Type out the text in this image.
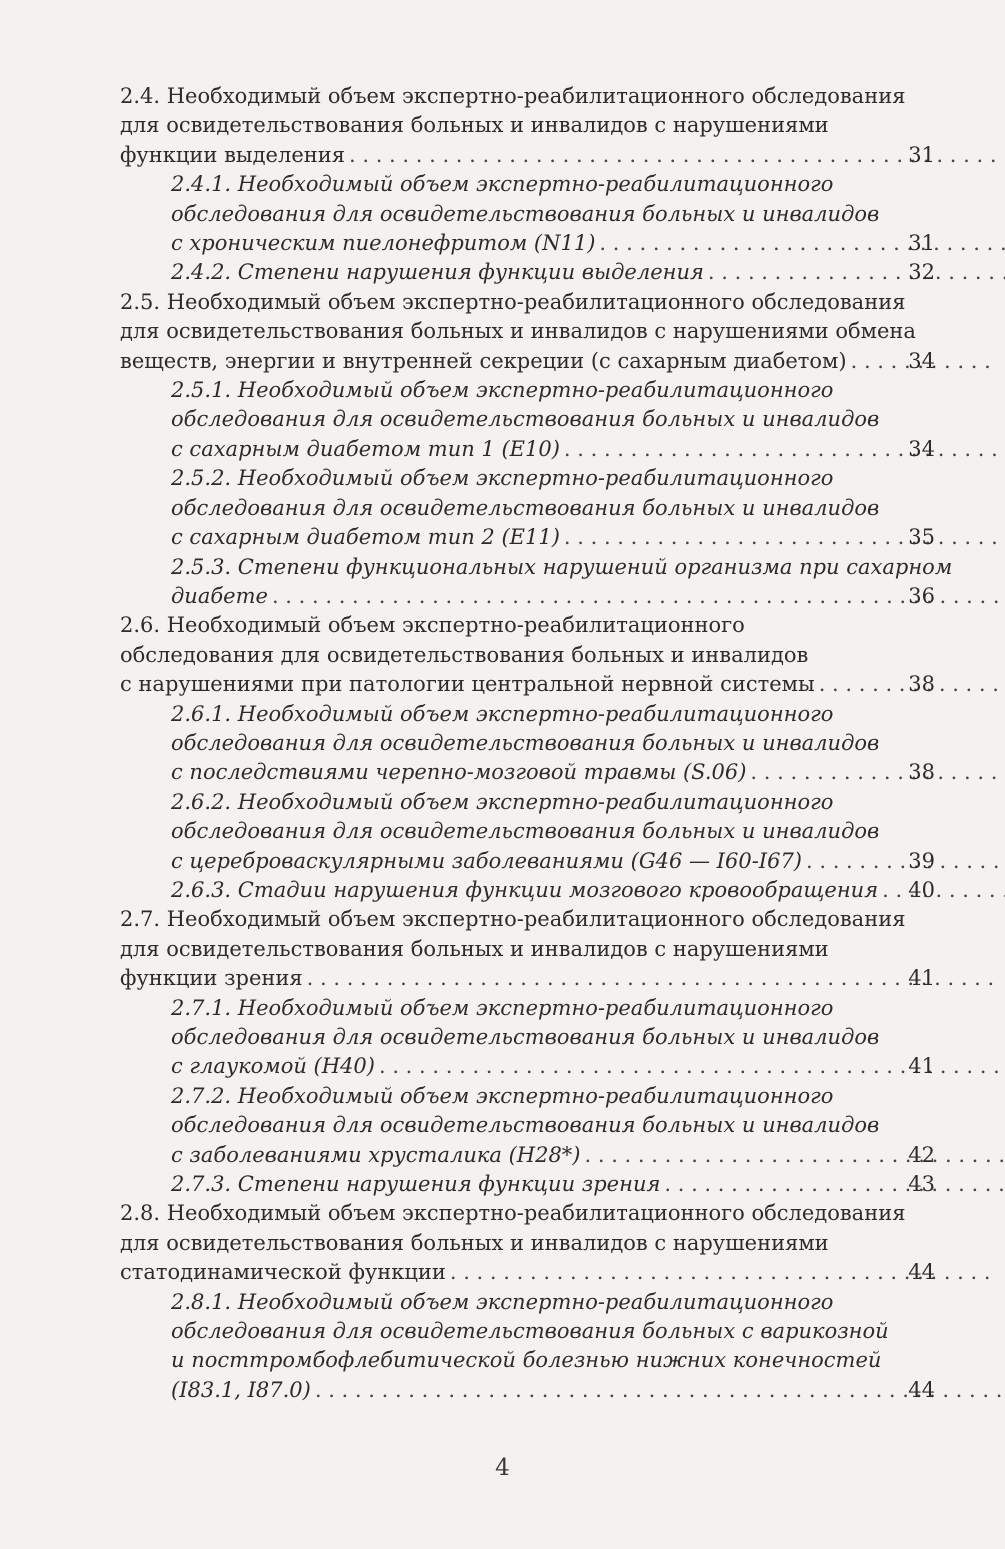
2.4. Необходимый объем экспертно-реабилитационного обследования
для освидетельствования больных и инвалидов с нарушениями
функции выделения . . .	31
2.4.1. Необходимый объем экспертно-реабилитационного
обследования для освидетельствования больных и инвалидов
с хроническим пиелонефритом (N11) . . .	31
2.4.2. Степени нарушения функции выделения . . .	32
2.5. Необходимый объем экспертно-реабилитационного обследования
для освидетельствования больных и инвалидов с нарушениями обмена
веществ, энергии и внутренней секреции (с сахарным диабетом) . . .	34
2.5.1. Необходимый объем экспертно-реабилитационного
обследования для освидетельствования больных и инвалидов
с сахарным диабетом тип 1 (E10) . . .	34
2.5.2. Необходимый объем экспертно-реабилитационного
обследования для освидетельствования больных и инвалидов
с сахарным диабетом тип 2 (E11) . . .	35
2.5.3. Степени функциональных нарушений организма при сахарном
диабете . . .	36
2.6. Необходимый объем экспертно-реабилитационного
обследования для освидетельствования больных и инвалидов
с нарушениями при патологии центральной нервной системы . . .	38
2.6.1. Необходимый объем экспертно-реабилитационного
обследования для освидетельствования больных и инвалидов
с последствиями черепно-мозговой травмы (S.06) . . .	38
2.6.2. Необходимый объем экспертно-реабилитационного
обследования для освидетельствования больных и инвалидов
с цереброваскулярными заболеваниями (G46 — I60-I67) . . .	39
2.6.3. Стадии нарушения функции мозгового кровообращения . . .	40
2.7. Необходимый объем экспертно-реабилитационного обследования
для освидетельствования больных и инвалидов с нарушениями
функции зрения . . .	41
2.7.1. Необходимый объем экспертно-реабилитационного
обследования для освидетельствования больных и инвалидов
с глаукомой (H40) . . .	41
2.7.2. Необходимый объем экспертно-реабилитационного
обследования для освидетельствования больных и инвалидов
с заболеваниями хрусталика (H28*) . . .	42
2.7.3. Степени нарушения функции зрения . . .	43
2.8. Необходимый объем экспертно-реабилитационного обследования
для освидетельствования больных и инвалидов с нарушениями
статодинамической функции . . .	44
2.8.1. Необходимый объем экспертно-реабилитационного
обследования для освидетельствования больных с варикозной
и посттромбофлебитической болезнью нижних конечностей
(I83.1, I87.0) . . .	44
4
